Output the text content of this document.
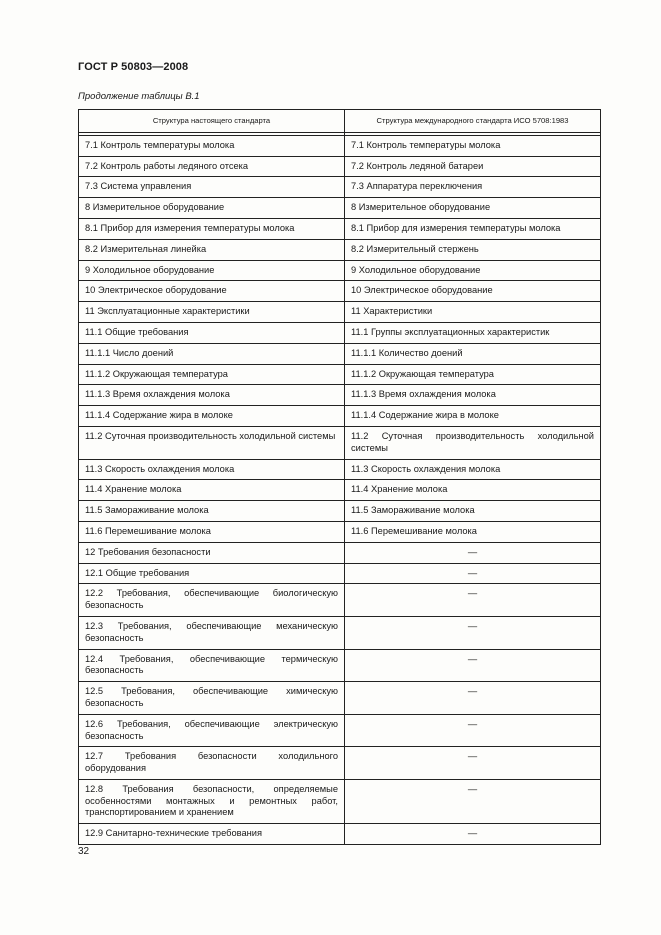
ГОСТ Р 50803—2008
Продолжение таблицы В.1
Структура настоящего стандарта	Структура международного стандарта ИСО 5708:1983

7.1 Контроль температуры молока	7.1 Контроль температуры молока
7.2 Контроль работы ледяного отсека	7.2 Контроль ледяной батареи
7.3 Система управления	7.3 Аппаратура переключения
8 Измерительное оборудование	8 Измерительное оборудование
8.1 Прибор для измерения температуры молока	8.1 Прибор для измерения температуры молока
8.2 Измерительная линейка	8.2 Измерительный стержень
9 Холодильное оборудование	9 Холодильное оборудование
10 Электрическое оборудование	10 Электрическое оборудование
11 Эксплуатационные характеристики	11 Характеристики
11.1 Общие требования	11.1 Группы эксплуатационных характеристик
11.1.1 Число доений	11.1.1 Количество доений
11.1.2 Окружающая температура	11.1.2 Окружающая температура
11.1.3 Время охлаждения молока	11.1.3 Время охлаждения молока
11.1.4 Содержание жира в молоке	11.1.4 Содержание жира в молоке
11.2 Суточная производительность холодильной системы	11.2 Суточная производительность холодильной системы
11.3 Скорость охлаждения молока	11.3 Скорость охлаждения молока
11.4 Хранение молока	11.4 Хранение молока
11.5 Замораживание молока	11.5 Замораживание молока
11.6 Перемешивание молока	11.6 Перемешивание молока
12 Требования безопасности	—
12.1 Общие требования	—
12.2 Требования, обеспечивающие биологическую безопасность	—
12.3 Требования, обеспечивающие механическую безопасность	—
12.4 Требования, обеспечивающие термическую безопасность	—
12.5 Требования, обеспечивающие химическую безопасность	—
12.6 Требования, обеспечивающие электрическую безопасность	—
12.7 Требования безопасности холодильного оборудования	—
12.8 Требования безопасности, определяемые особенностями монтажных и ремонтных работ, транспортированием и хранением	—
12.9 Санитарно-технические требования	—
32
